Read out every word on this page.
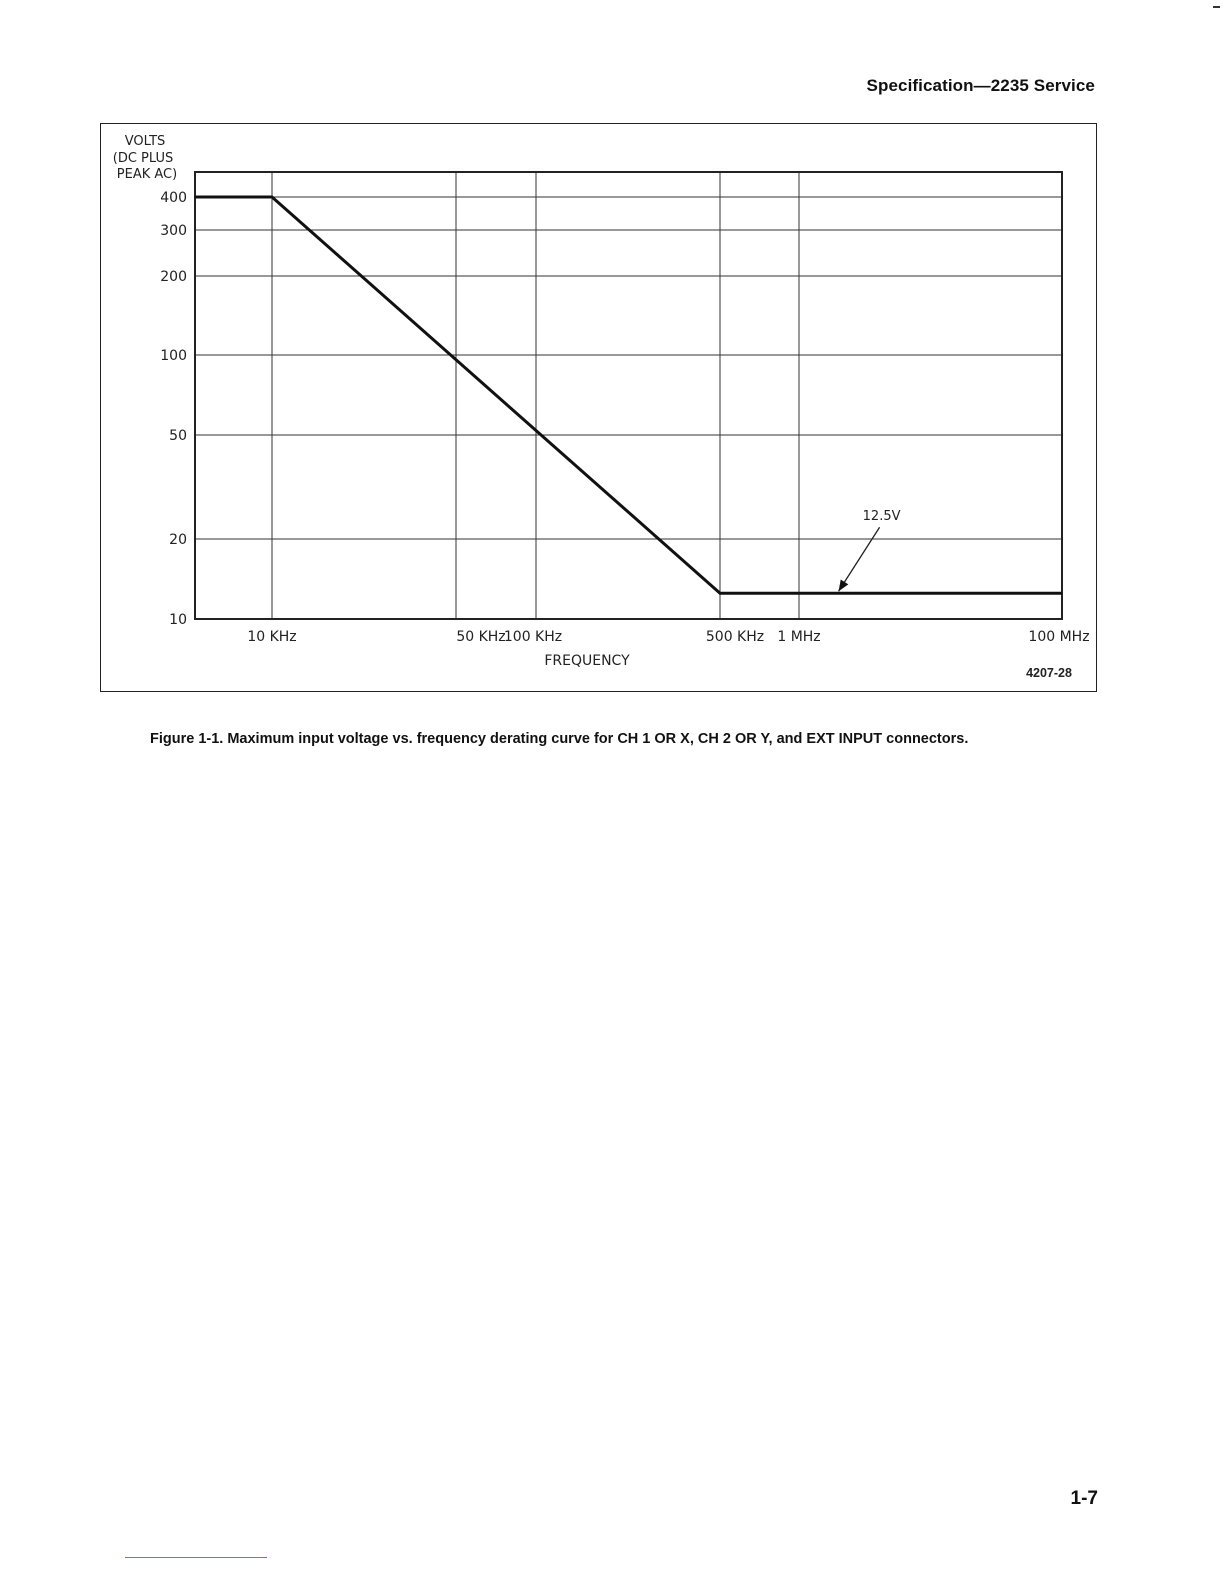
Specification—2235 Service
VOLTS
(DC PLUS
PEAK AC)
400
300
200
100
50
20
10
10 KHz	50 KHz
100 KHz	500 KHz 1 MHz	100 MHz
12.5V
FREQUENCY
4207-28
Figure 1-1. Maximum input voltage vs. frequency derating curve for CH 1 OR X, CH 2 OR Y, and EXT INPUT connectors.
1-7
